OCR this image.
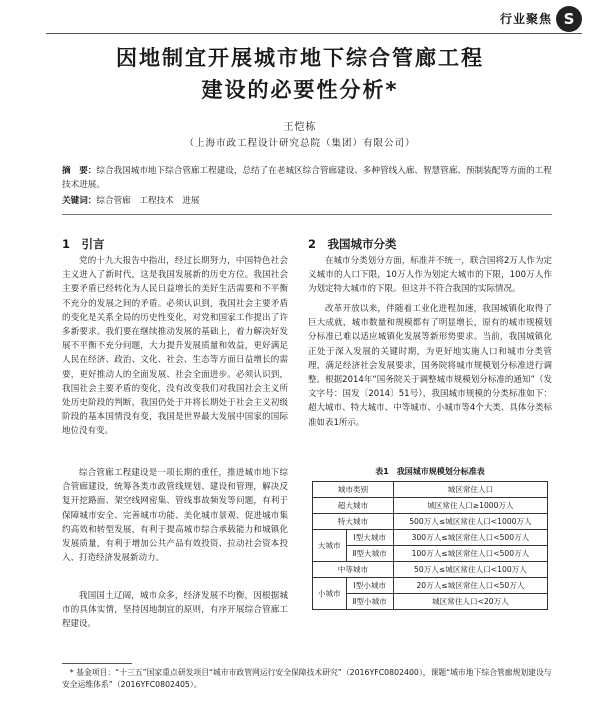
行业聚焦 S
因地制宜开展城市地下综合管廊工程
建设的必要性分析*
王恺栋
（上海市政工程设计研究总院（集团）有限公司）
摘　要：综合我国城市地下综合管廊工程建设，总结了在老城区综合管廊建设、多种管线入廊、智慧管廊、预制装配等方面的工程技术进展。
关键词：综合管廊　工程技术　进展
1　引言	2　我国城市分类

党的十九大报告中指出，经过长期努力，中国特色社会主义进入了新时代，这是我国发展新的历史方位。我国社会主要矛盾已经转化为人民日益增长的美好生活需要和不平衡不充分的发展之间的矛盾。必须认识到，我国社会主要矛盾的变化是关系全局的历史性变化，对党和国家工作提出了许多新要求。我们要在继续推动发展的基础上，着力解决好发展不平衡不充分问题，大力提升发展质量和效益，更好满足人民在经济、政治、文化、社会、生态等方面日益增长的需要，更好推动人的全面发展、社会全面进步。必须认识到，我国社会主要矛盾的变化，没有改变我们对我国社会主义所处历史阶段的判断，我国仍处于并将长期处于社会主义初级阶段的基本国情没有变，我国是世界最大发展中国家的国际地位没有变。

综合管廊工程建设是一项长期的重任，推进城市地下综合管廊建设，统筹各类市政管线规划、建设和管理，解决反复开挖路面、架空线网密集、管线事故频发等问题，有利于保障城市安全、完善城市功能、美化城市景观、促进城市集约高效和转型发展，有利于提高城市综合承载能力和城镇化发展质量，有利于增加公共产品有效投资、拉动社会资本投入、打造经济发展新动力。

我国国土辽阔，城市众多，经济发展不均衡，因根据城市的具体实情，坚持因地制宜的原则，有序开展综合管廊工程建设。

在城市分类划分方面，标准并不统一，联合国将2万人作为定义城市的人口下限，10万人作为划定大城市的下限，100万人作为划定特大城市的下限。但这并不符合我国的实际情况。

改革开放以来，伴随着工业化进程加速，我国城镇化取得了巨大成就，城市数量和规模都有了明显增长，原有的城市规模划分标准已难以适应城镇化发展等新形势要求。当前，我国城镇化正处于深入发展的关键时期，为更好地实施人口和城市分类管理，满足经济社会发展要求，国务院将城市规模划分标准进行调整。根据2014年“国务院关于调整城市规模划分标准的通知”（发文字号：国发〔2014〕51号），我国城市规模的分类标准如下：超大城市、特大城市、中等城市、小城市等4个大类、具体分类标准如表1所示。

表1　我国城市规模划分标准表
城市类别		城区常住人口
超大城市		城区常住人口≥1000万人
特大城市		500万人≤城区常住人口<1000万人
大城市	Ⅰ型大城市	300万人≤城区常住人口<500万人
	Ⅱ型大城市	100万人≤城区常住人口<500万人
中等城市		50万人≤城区常住人口<100万人
小城市	Ⅰ型小城市	20万人≤城区常住人口<50万人
	Ⅱ型小城市	城区常住人口<20万人
* 基金项目：“十三五”国家重点研发项目“城市市政管网运行安全保障技术研究”（2016YFC0802400），课题“城市地下综合管廊规划建设与安全运维体系”（2016YFC0802405）。
